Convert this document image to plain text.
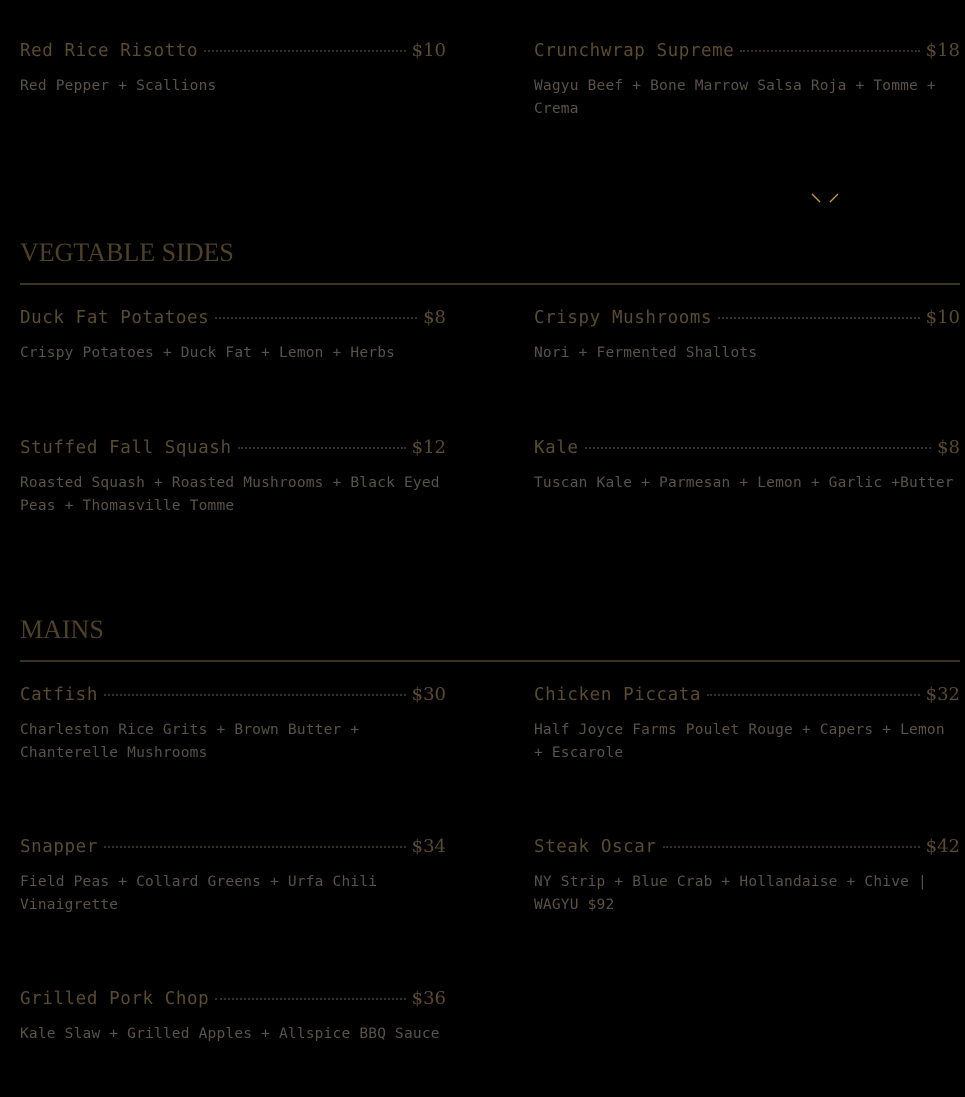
Red Rice Risotto	$10
Red Pepper + Scallions
Crunchwrap Supreme	$18
Wagyu Beef + Bone Marrow Salsa Roja + Tomme + Crema
VEGTABLE SIDES
Duck Fat Potatoes	$8
Crispy Potatoes + Duck Fat + Lemon + Herbs
Crispy Mushrooms	$10
Nori + Fermented Shallots
Stuffed Fall Squash	$12
Roasted Squash + Roasted Mushrooms + Black Eyed Peas + Thomasville Tomme
Kale	$8
Tuscan Kale + Parmesan + Lemon + Garlic +Butter
MAINS
Catfish	$30
Charleston Rice Grits + Brown Butter + Chanterelle Mushrooms
Chicken Piccata	$32
Half Joyce Farms Poulet Rouge + Capers + Lemon + Escarole
Snapper	$34
Field Peas + Collard Greens + Urfa Chili Vinaigrette
Steak Oscar	$42
NY Strip + Blue Crab + Hollandaise + Chive | WAGYU $92
Grilled Pork Chop	$36
Kale Slaw + Grilled Apples + Allspice BBQ Sauce
